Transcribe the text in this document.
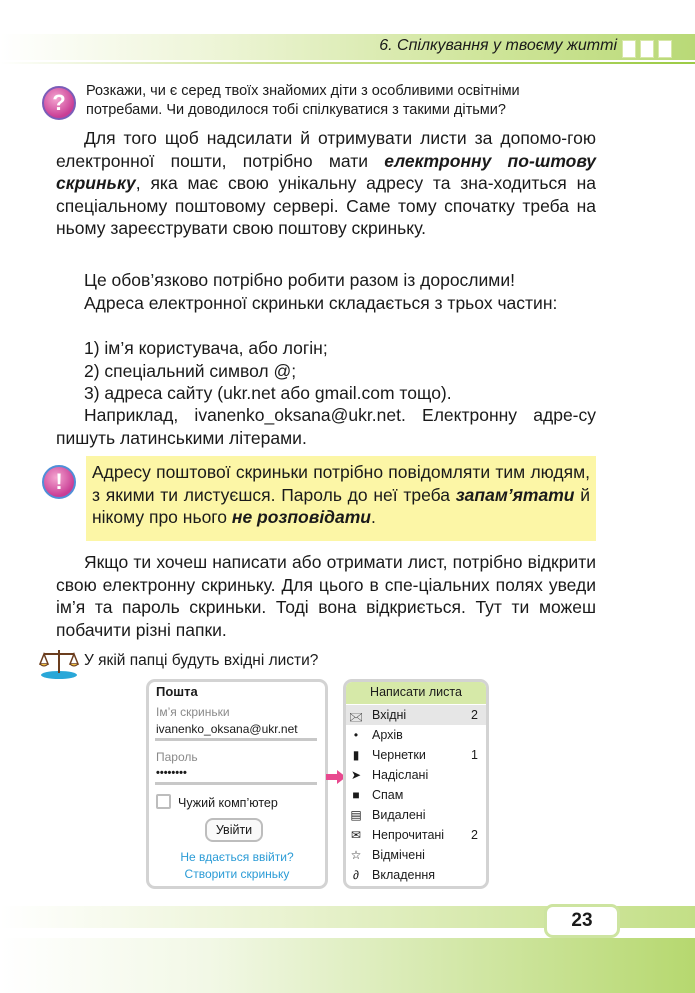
6. Спілкування у твоєму житті
?	Розкажи, чи є серед твоїх знайомих діти з особливими освітніми
потребами. Чи доводилося тобі спілкуватися з такими дітьми?
Для того щоб надсилати й отримувати листи за допомо-гою електронної пошти, потрібно мати електронну по-штову скриньку, яка має свою унікальну адресу та зна-ходиться на спеціальному поштовому сервері. Саме тому спочатку треба на ньому зареєструвати свою поштову скриньку.
Це обов’язково потрібно робити разом із дорослими!
Адреса електронної скриньки складається з трьох частин:
1) ім’я користувача, або логін;
2) спеціальний символ @;
3) адреса сайту (ukr.net або gmail.com тощо).
Наприклад, ivanenko_oksana@ukr.net. Електронну адре-су пишуть латинськими літерами.
!	Адресу поштової скриньки потрібно повідомляти тим людям, з якими ти листуєшся. Пароль до неї треба запам’ятати й нікому про нього не розповідати.
Якщо ти хочеш написати або отримати лист, потрібно відкрити свою електронну скриньку. Для цього в спе-ціальних полях уведи ім’я та пароль скриньки. Тоді вона відкриється. Тут ти можеш побачити різні папки.
У якій папці будуть вхідні листи?
Пошта
Ім’я скриньки
ivanenko_oksana@ukr.net
Пароль
••••••••
Чужий комп’ютер
Увійти
Не вдається ввійти?
Створити скриньку
Написати листа
🖂 Вхідні	2
•	Архів
▮	Чернетки	1
➤ Надіслані
■ Спам
▤ Видалені
✉ Непрочитані	2
☆ Відмічені
∂	Вкладення
23
